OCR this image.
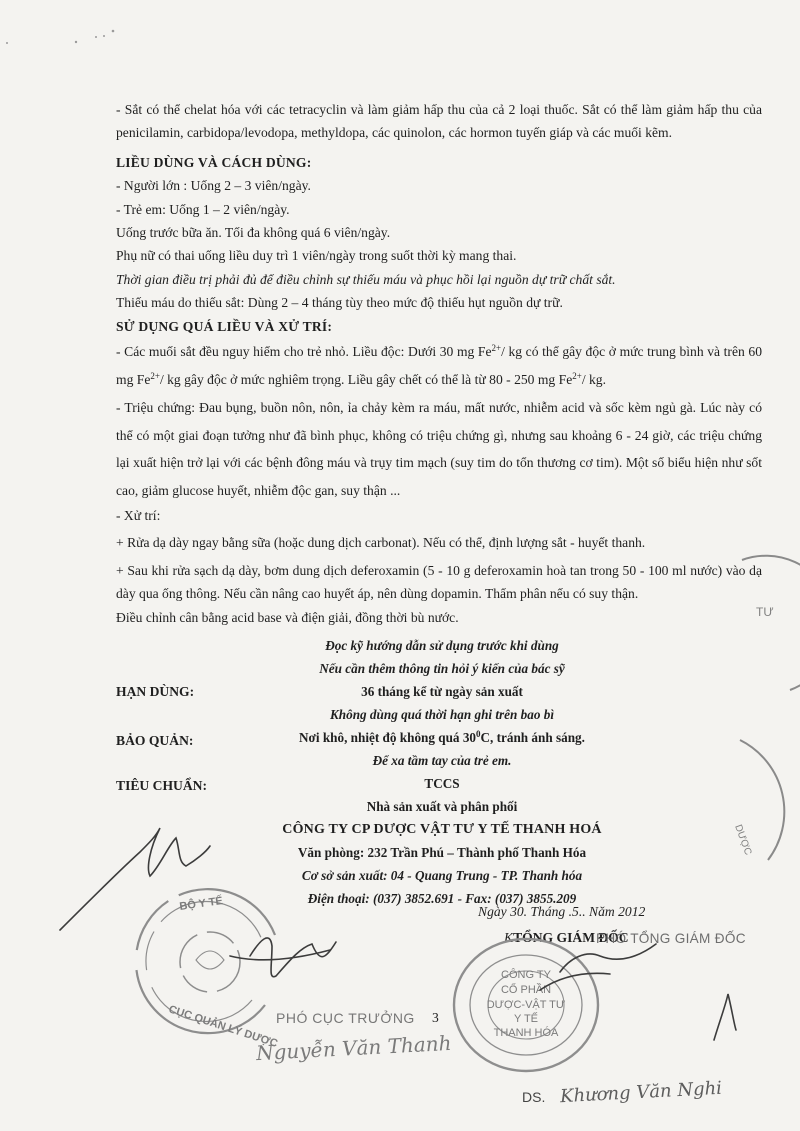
- Sắt có thể chelat hóa với các tetracyclin và làm giảm hấp thu của cả 2 loại thuốc. Sắt có thể làm giảm hấp thu của penicilamin, carbidopa/levodopa, methyldopa, các quinolon, các hormon tuyến giáp và các muối kẽm.

LIỀU DÙNG VÀ CÁCH DÙNG:

- Người lớn : Uống 2 – 3 viên/ngày.

- Trẻ em: Uống 1 – 2 viên/ngày.

Uống trước bữa ăn. Tối đa không quá 6 viên/ngày.

Phụ nữ có thai uống liều duy trì 1 viên/ngày trong suốt thời kỳ mang thai.

Thời gian điều trị phải đủ để điều chỉnh sự thiếu máu và phục hồi lại nguồn dự trữ chất sắt.

Thiếu máu do thiếu sắt: Dùng 2 – 4 tháng tùy theo mức độ thiếu hụt nguồn dự trữ.

SỬ DỤNG QUÁ LIỀU VÀ XỬ TRÍ:

- Các muối sắt đều nguy hiểm cho trẻ nhỏ. Liều độc: Dưới 30 mg $Fe^{2+}/$ kg có thể gây độc ở mức trung bình và trên 60 mg $Fe^{2+}/$ kg gây độc ở mức nghiêm trọng. Liều gây chết có thể là từ 80 - 250 mg $Fe^{2+}/$ kg.

- Triệu chứng: Đau bụng, buồn nôn, nôn, ỉa chảy kèm ra máu, mất nước, nhiễm acid và sốc kèm ngủ gà. Lúc này có thể có một giai đoạn tưởng như đã bình phục, không có triệu chứng gì, nhưng sau khoảng 6 - 24 giờ, các triệu chứng lại xuất hiện trở lại với các bệnh đông máu và trụy tim mạch (suy tim do tổn thương cơ tim). Một số biểu hiện như sốt cao, giảm glucose huyết, nhiễm độc gan, suy thận ...

- Xử trí:

+ Rửa dạ dày ngay bằng sữa (hoặc dung dịch carbonat). Nếu có thể, định lượng sắt - huyết thanh.

+ Sau khi rửa sạch dạ dày, bơm dung dịch deferoxamin (5 - 10 g deferoxamin hoà tan trong 50 - 100 ml nước) vào dạ dày qua ống thông. Nếu cần nâng cao huyết áp, nên dùng dopamin. Thẩm phân nếu có suy thận.

Điều chỉnh cân bằng acid base và điện giải, đồng thời bù nước.

Đọc kỹ hướng dẫn sử dụng trước khi dùng

Nếu cần thêm thông tin hỏi ý kiến của bác sỹ

36 tháng kể từ ngày sản xuất

Không dùng quá thời hạn ghi trên bao bì

Nơi khô, nhiệt độ không quá $30^0C$, tránh ánh sáng.

Để xa tầm tay của trẻ em.

TCCS

Nhà sản xuất và phân phối

CÔNG TY CP DƯỢC VẬT TƯ Y TẾ THANH HOÁ

Văn phòng: 232 Trần Phú – Thành phố Thanh Hóa

Cơ sở sản xuất: 04 - Quang Trung - TP. Thanh hóa

Điện thoại: (037) 3852.691 - Fax: (037) 3855.209

HẠN DÙNG:
BẢO QUẢN:
TIÊU CHUẨN:
Ngày 30. Tháng .5.. Năm 2012
KTỔNG GIÁM ĐỐC
PHÓ TỔNG GIÁM ĐỐC
PHÓ CỤC TRƯỞNG 3
Nguyễn Văn Thanh
DS. Khương Văn Nghi
BỘ Y TẾ
CỤC QUẢN LÝ DƯỢC
CÔNG TY
CỔ PHẦN
DƯỢC-VẬT TƯ
Y TẾ
THANH HÓA
TƯ
DƯỢC
